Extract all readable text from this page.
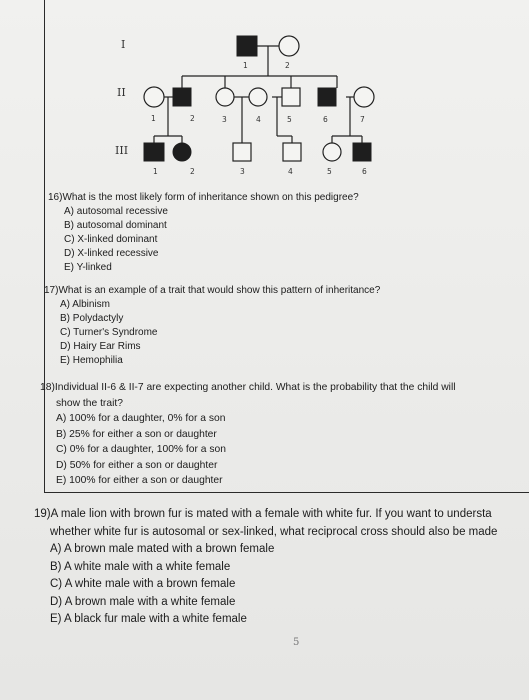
I
II
III
1	2
1	2	3	4	5	6	7
1	2	3	4	5	6
16)What is the most likely form of inheritance shown on this pedigree?
A) autosomal recessive
B) autosomal dominant
C) X-linked dominant
D) X-linked recessive
E) Y-linked
17)What is an example of a trait that would show this pattern of inheritance?
A) Albinism
B) Polydactyly
C) Turner's Syndrome
D) Hairy Ear Rims
E) Hemophilia
18)Individual II-6 & II-7 are expecting another child. What is the probability that the child will
show the trait?
A) 100% for a daughter, 0% for a son
B) 25% for either a son or daughter
C) 0% for a daughter, 100% for a son
D) 50% for either a son or daughter
E) 100% for either a son or daughter
19)A male lion with brown fur is mated with a female with white fur. If you want to understa
whether white fur is autosomal or sex-linked, what reciprocal cross should also be made
A) A brown male mated with a brown female
B) A white male with a white female
C) A white male with a brown female
D) A brown male with a white female
E) A black fur male with a white female
5
